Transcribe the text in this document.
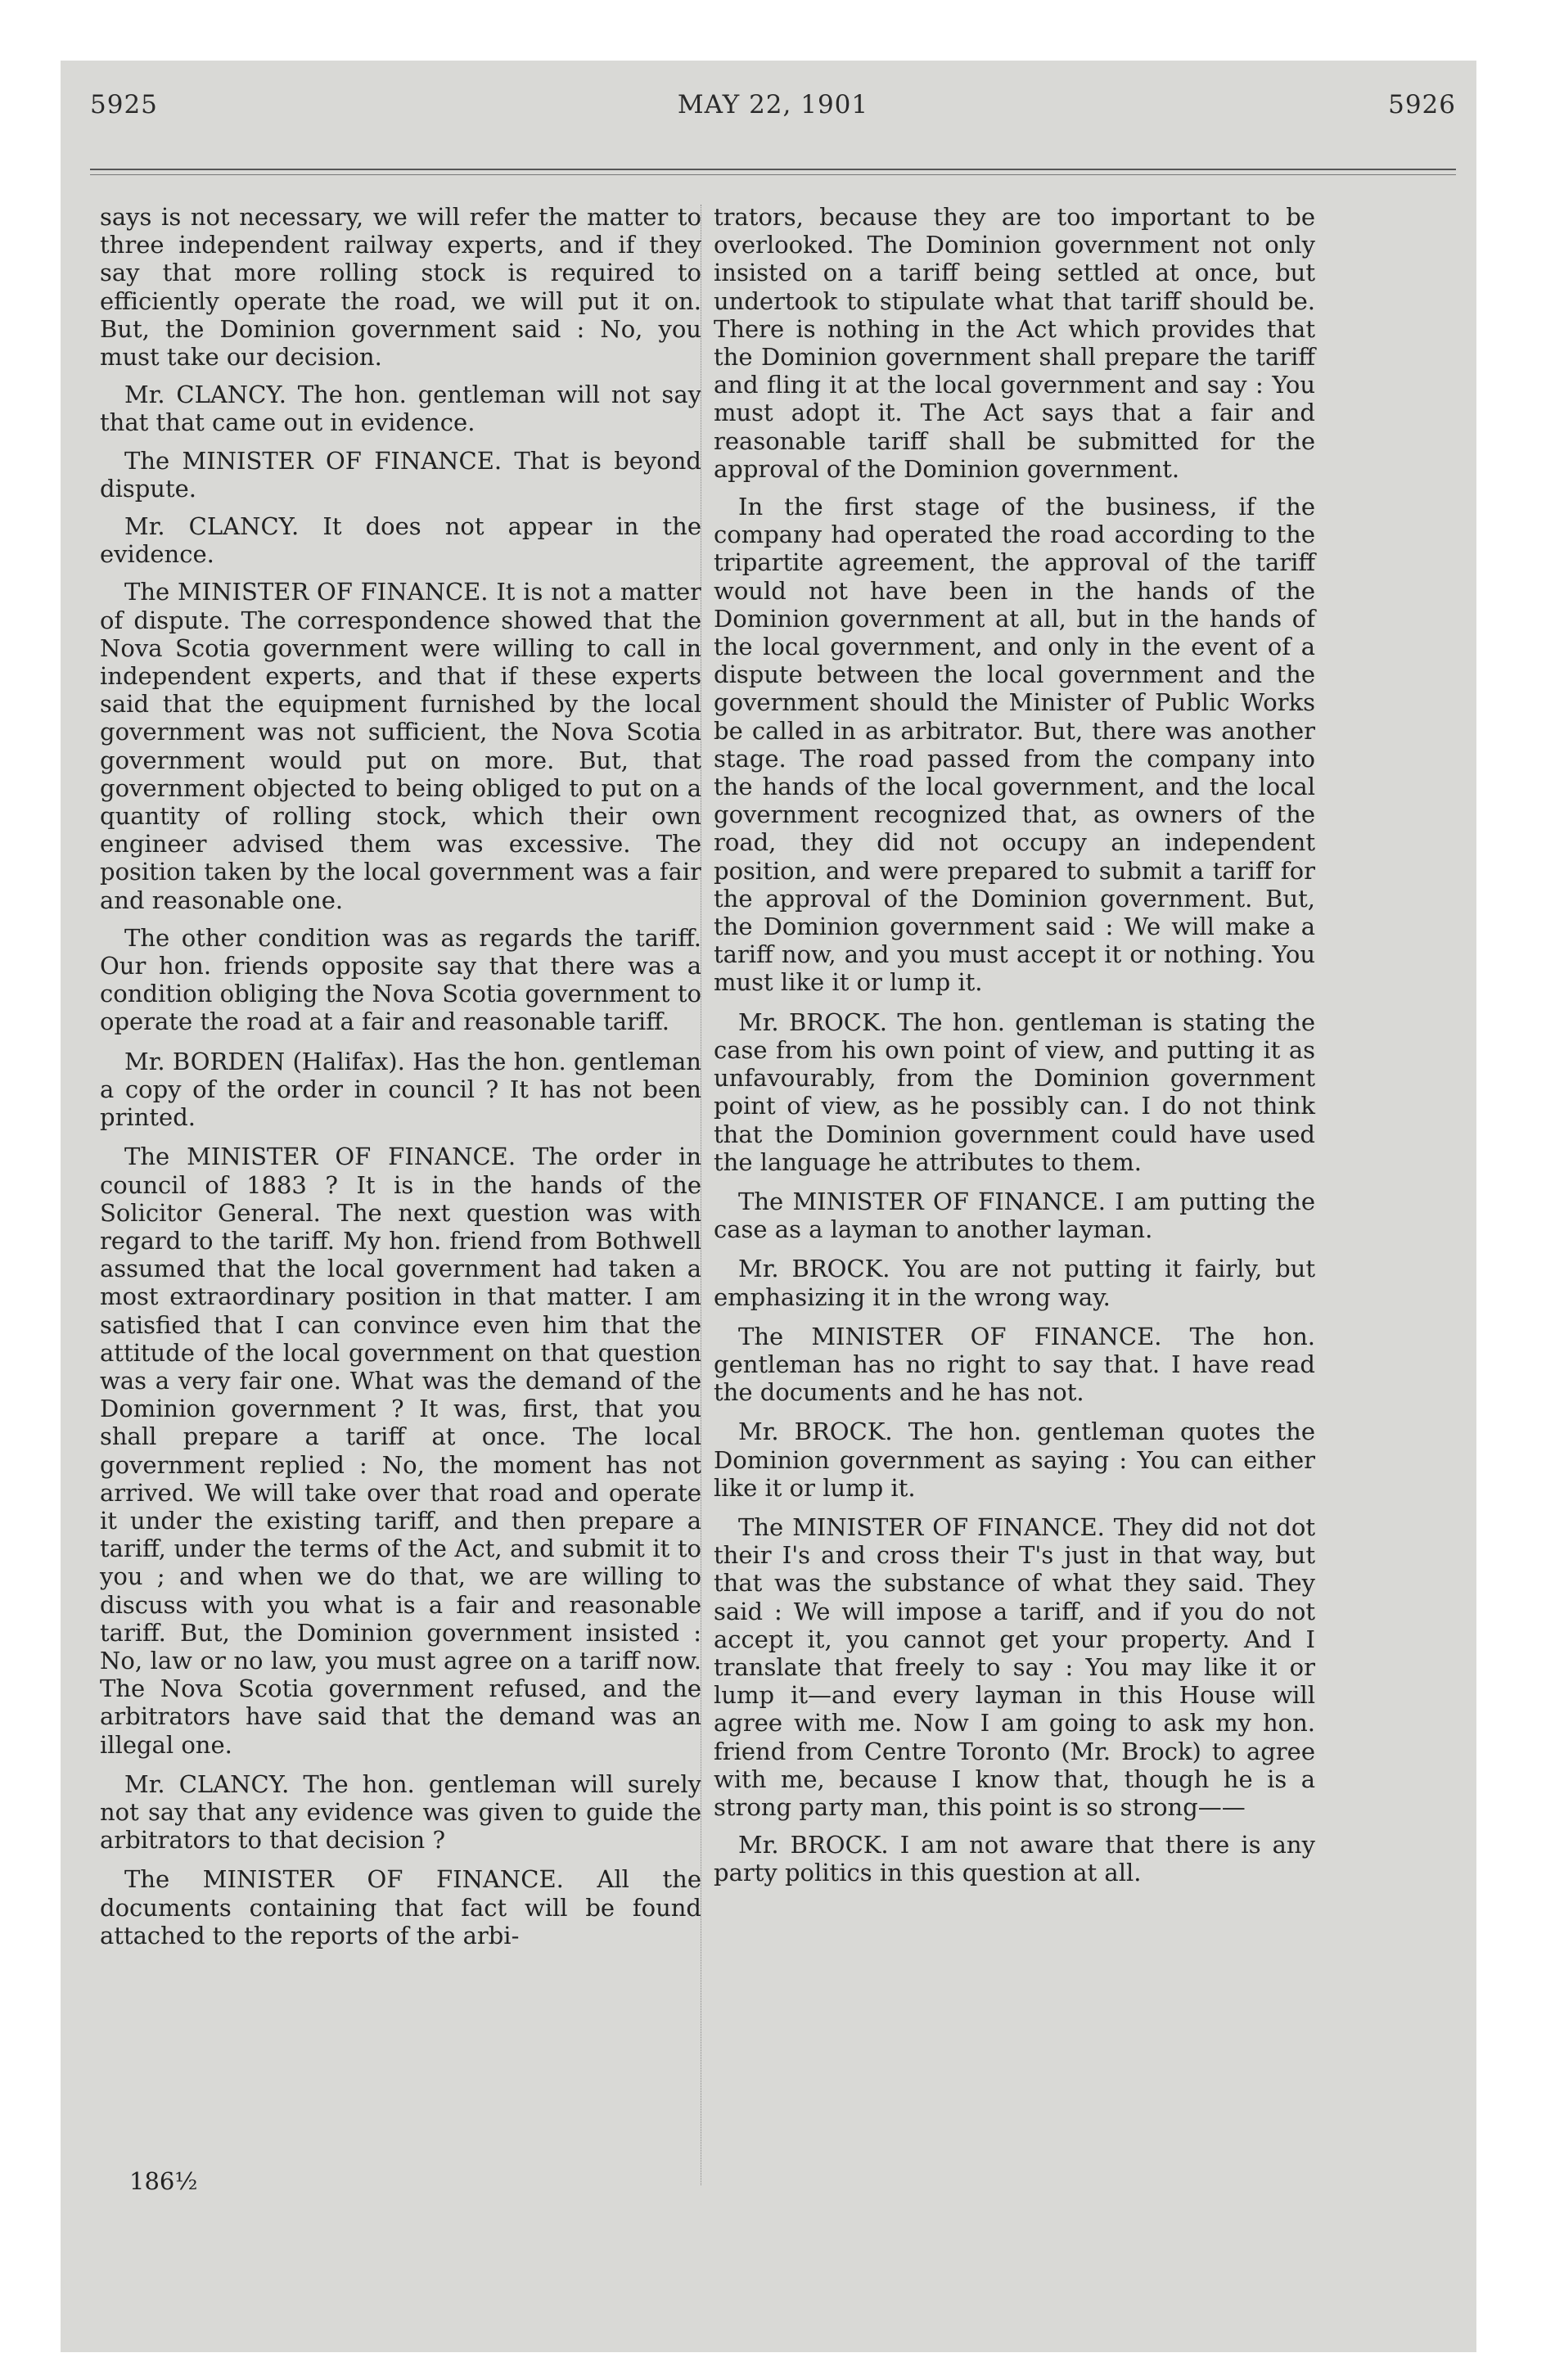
5925	MAY 22, 1901	5926

says is not necessary, we will refer the matter to three independent railway experts, and if they say that more rolling stock is required to efficiently operate the road, we will put it on. But, the Dominion government said : No, you must take our decision.

Mr. CLANCY. The hon. gentleman will not say that that came out in evidence.

The MINISTER OF FINANCE. That is beyond dispute.

Mr. CLANCY. It does not appear in the evidence.

The MINISTER OF FINANCE. It is not a matter of dispute. The correspondence showed that the Nova Scotia government were willing to call in independent experts, and that if these experts said that the equipment furnished by the local government was not sufficient, the Nova Scotia government would put on more. But, that government objected to being obliged to put on a quantity of rolling stock, which their own engineer advised them was excessive. The position taken by the local government was a fair and reasonable one.

The other condition was as regards the tariff. Our hon. friends opposite say that there was a condition obliging the Nova Scotia government to operate the road at a fair and reasonable tariff.

Mr. BORDEN (Halifax). Has the hon. gentleman a copy of the order in council ? It has not been printed.

The MINISTER OF FINANCE. The order in council of 1883 ? It is in the hands of the Solicitor General. The next question was with regard to the tariff. My hon. friend from Bothwell assumed that the local government had taken a most extraordinary position in that matter. I am satisfied that I can convince even him that the attitude of the local government on that question was a very fair one. What was the demand of the Dominion government ? It was, first, that you shall prepare a tariff at once. The local government replied : No, the moment has not arrived. We will take over that road and operate it under the existing tariff, and then prepare a tariff, under the terms of the Act, and submit it to you ; and when we do that, we are willing to discuss with you what is a fair and reasonable tariff. But, the Dominion government insisted : No, law or no law, you must agree on a tariff now. The Nova Scotia government refused, and the arbitrators have said that the demand was an illegal one.

Mr. CLANCY. The hon. gentleman will surely not say that any evidence was given to guide the arbitrators to that decision ?

The MINISTER OF FINANCE. All the documents containing that fact will be found attached to the reports of the arbi-

trators, because they are too important to be overlooked. The Dominion government not only insisted on a tariff being settled at once, but undertook to stipulate what that tariff should be. There is nothing in the Act which provides that the Dominion government shall prepare the tariff and fling it at the local government and say : You must adopt it. The Act says that a fair and reasonable tariff shall be submitted for the approval of the Dominion government.

In the first stage of the business, if the company had operated the road according to the tripartite agreement, the approval of the tariff would not have been in the hands of the Dominion government at all, but in the hands of the local government, and only in the event of a dispute between the local government and the government should the Minister of Public Works be called in as arbitrator. But, there was another stage. The road passed from the company into the hands of the local government, and the local government recognized that, as owners of the road, they did not occupy an independent position, and were prepared to submit a tariff for the approval of the Dominion government. But, the Dominion government said : We will make a tariff now, and you must accept it or nothing. You must like it or lump it.

Mr. BROCK. The hon. gentleman is stating the case from his own point of view, and putting it as unfavourably, from the Dominion government point of view, as he possibly can. I do not think that the Dominion government could have used the language he attributes to them.

The MINISTER OF FINANCE. I am putting the case as a layman to another layman.

Mr. BROCK. You are not putting it fairly, but emphasizing it in the wrong way.

The MINISTER OF FINANCE. The hon. gentleman has no right to say that. I have read the documents and he has not.

Mr. BROCK. The hon. gentleman quotes the Dominion government as saying : You can either like it or lump it.

The MINISTER OF FINANCE. They did not dot their I's and cross their T's just in that way, but that was the substance of what they said. They said : We will impose a tariff, and if you do not accept it, you cannot get your property. And I translate that freely to say : You may like it or lump it—and every layman in this House will agree with me. Now I am going to ask my hon. friend from Centre Toronto (Mr. Brock) to agree with me, because I know that, though he is a strong party man, this point is so strong——

Mr. BROCK. I am not aware that there is any party politics in this question at all.

186½
